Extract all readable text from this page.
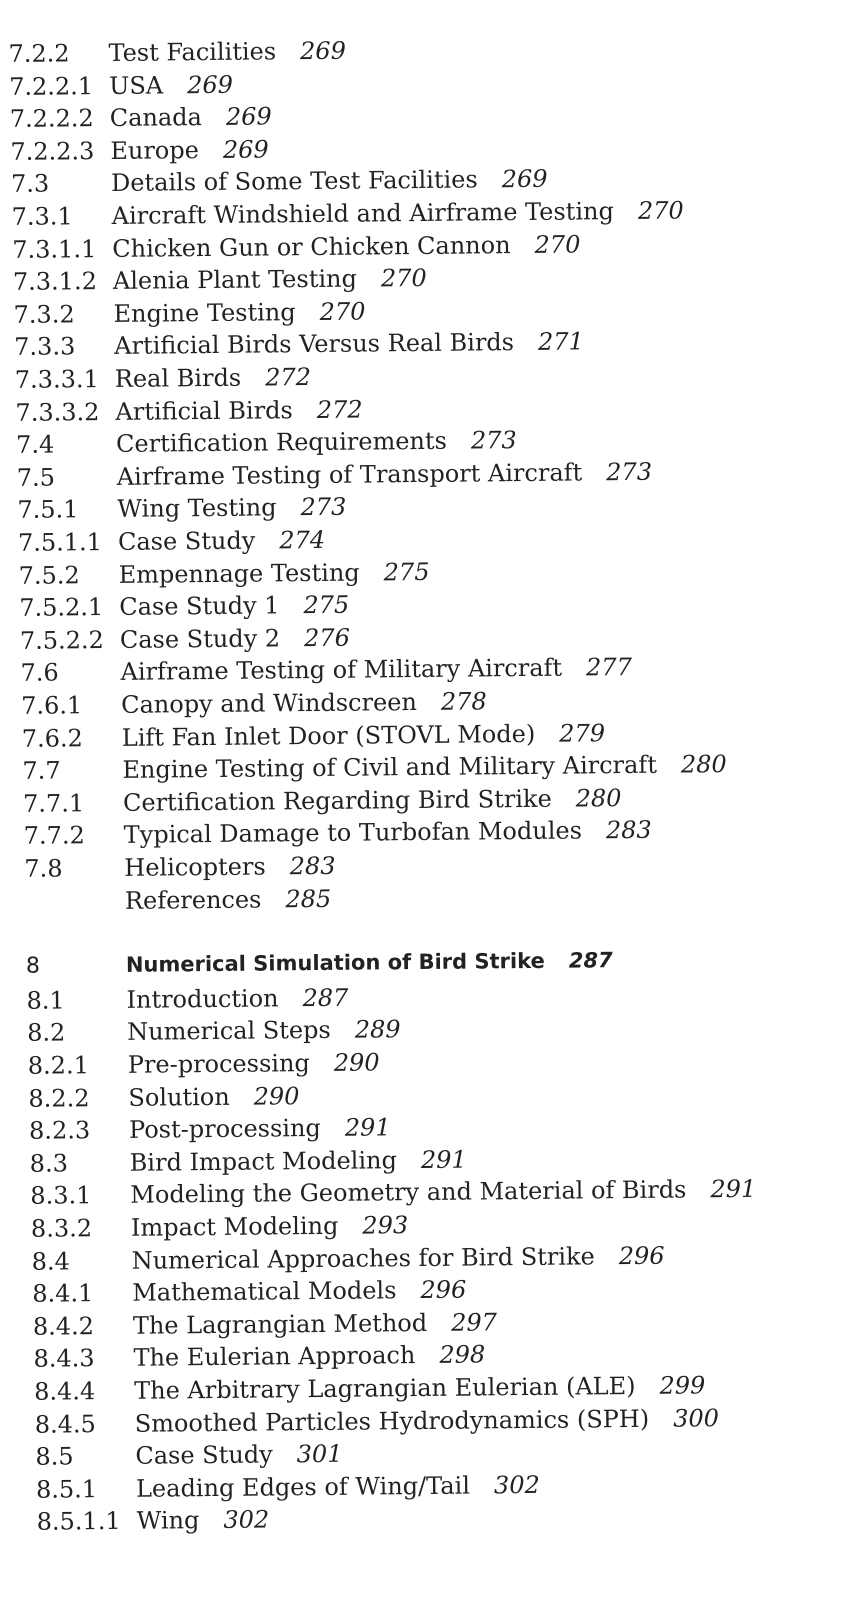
7.2.2 Test Facilities 269
7.2.2.1 USA 269
7.2.2.2 Canada 269
7.2.2.3 Europe 269
7.3	Details of Some Test Facilities 269
7.3.1 Aircraft Windshield and Airframe Testing 270
7.3.1.1 Chicken Gun or Chicken Cannon 270
7.3.1.2 Alenia Plant Testing 270
7.3.2 Engine Testing 270
7.3.3 Artificial Birds Versus Real Birds 271
7.3.3.1 Real Birds 272
7.3.3.2 Artificial Birds 272
7.4	Certification Requirements 273
7.5	Airframe Testing of Transport Aircraft 273
7.5.1 Wing Testing 273
7.5.1.1 Case Study 274
7.5.2 Empennage Testing 275
7.5.2.1 Case Study 1 275
7.5.2.2 Case Study 2 276
7.6	Airframe Testing of Military Aircraft 277
7.6.1 Canopy and Windscreen 278
7.6.2 Lift Fan Inlet Door (STOVL Mode) 279
7.7	Engine Testing of Civil and Military Aircraft 280
7.7.1 Certification Regarding Bird Strike 280
7.7.2 Typical Damage to Turbofan Modules 283
7.8	Helicopters 283
References 285
8	Numerical Simulation of Bird Strike 287
8.1	Introduction 287
8.2	Numerical Steps 289
8.2.1 Pre-processing 290
8.2.2 Solution 290
8.2.3 Post-processing 291
8.3	Bird Impact Modeling 291
8.3.1 Modeling the Geometry and Material of Birds 291
8.3.2 Impact Modeling 293
8.4	Numerical Approaches for Bird Strike 296
8.4.1 Mathematical Models 296
8.4.2 The Lagrangian Method 297
8.4.3 The Eulerian Approach 298
8.4.4 The Arbitrary Lagrangian Eulerian (ALE) 299
8.4.5 Smoothed Particles Hydrodynamics (SPH) 300
8.5	Case Study 301
8.5.1 Leading Edges of Wing/Tail 302
8.5.1.1 Wing 302
